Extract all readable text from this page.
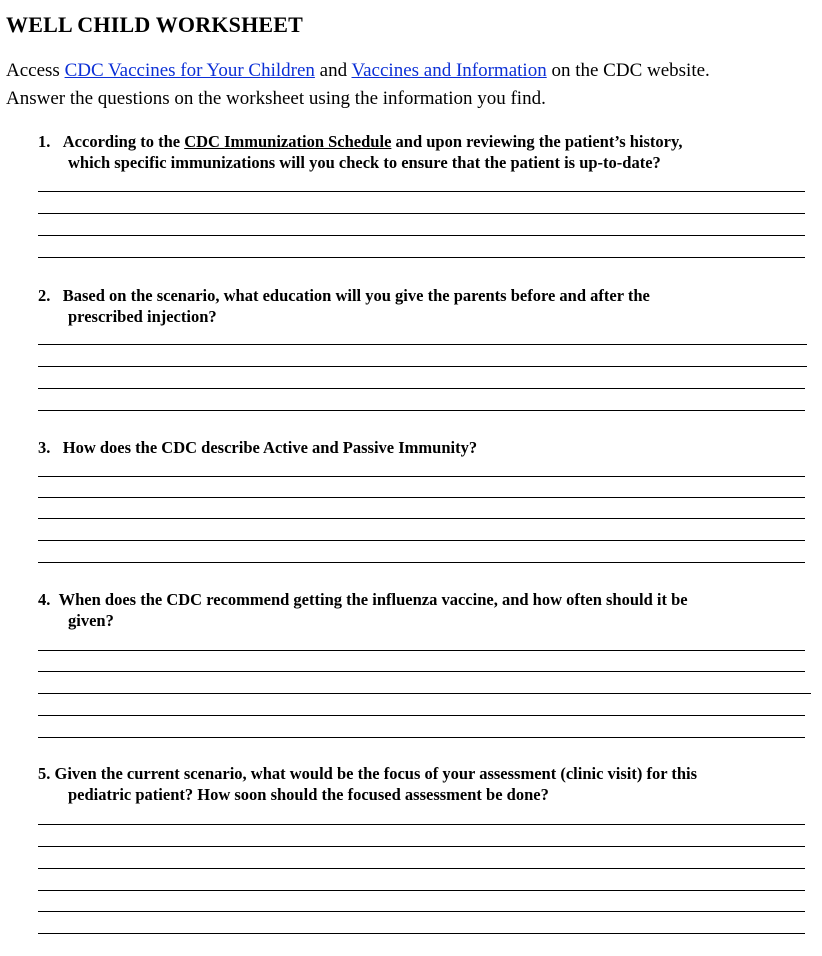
WELL CHILD WORKSHEET
Access CDC Vaccines for Your Children and Vaccines and Information on the CDC website.
Answer the questions on the worksheet using the information you find.
1. According to the CDC Immunization Schedule and upon reviewing the patient’s history,
which specific immunizations will you check to ensure that the patient is up-to-date?
2. Based on the scenario, what education will you give the parents before and after the
prescribed injection?
3. How does the CDC describe Active and Passive Immunity?
4. When does the CDC recommend getting the influenza vaccine, and how often should it be
given?
5. Given the current scenario, what would be the focus of your assessment (clinic visit) for this
pediatric patient? How soon should the focused assessment be done?
